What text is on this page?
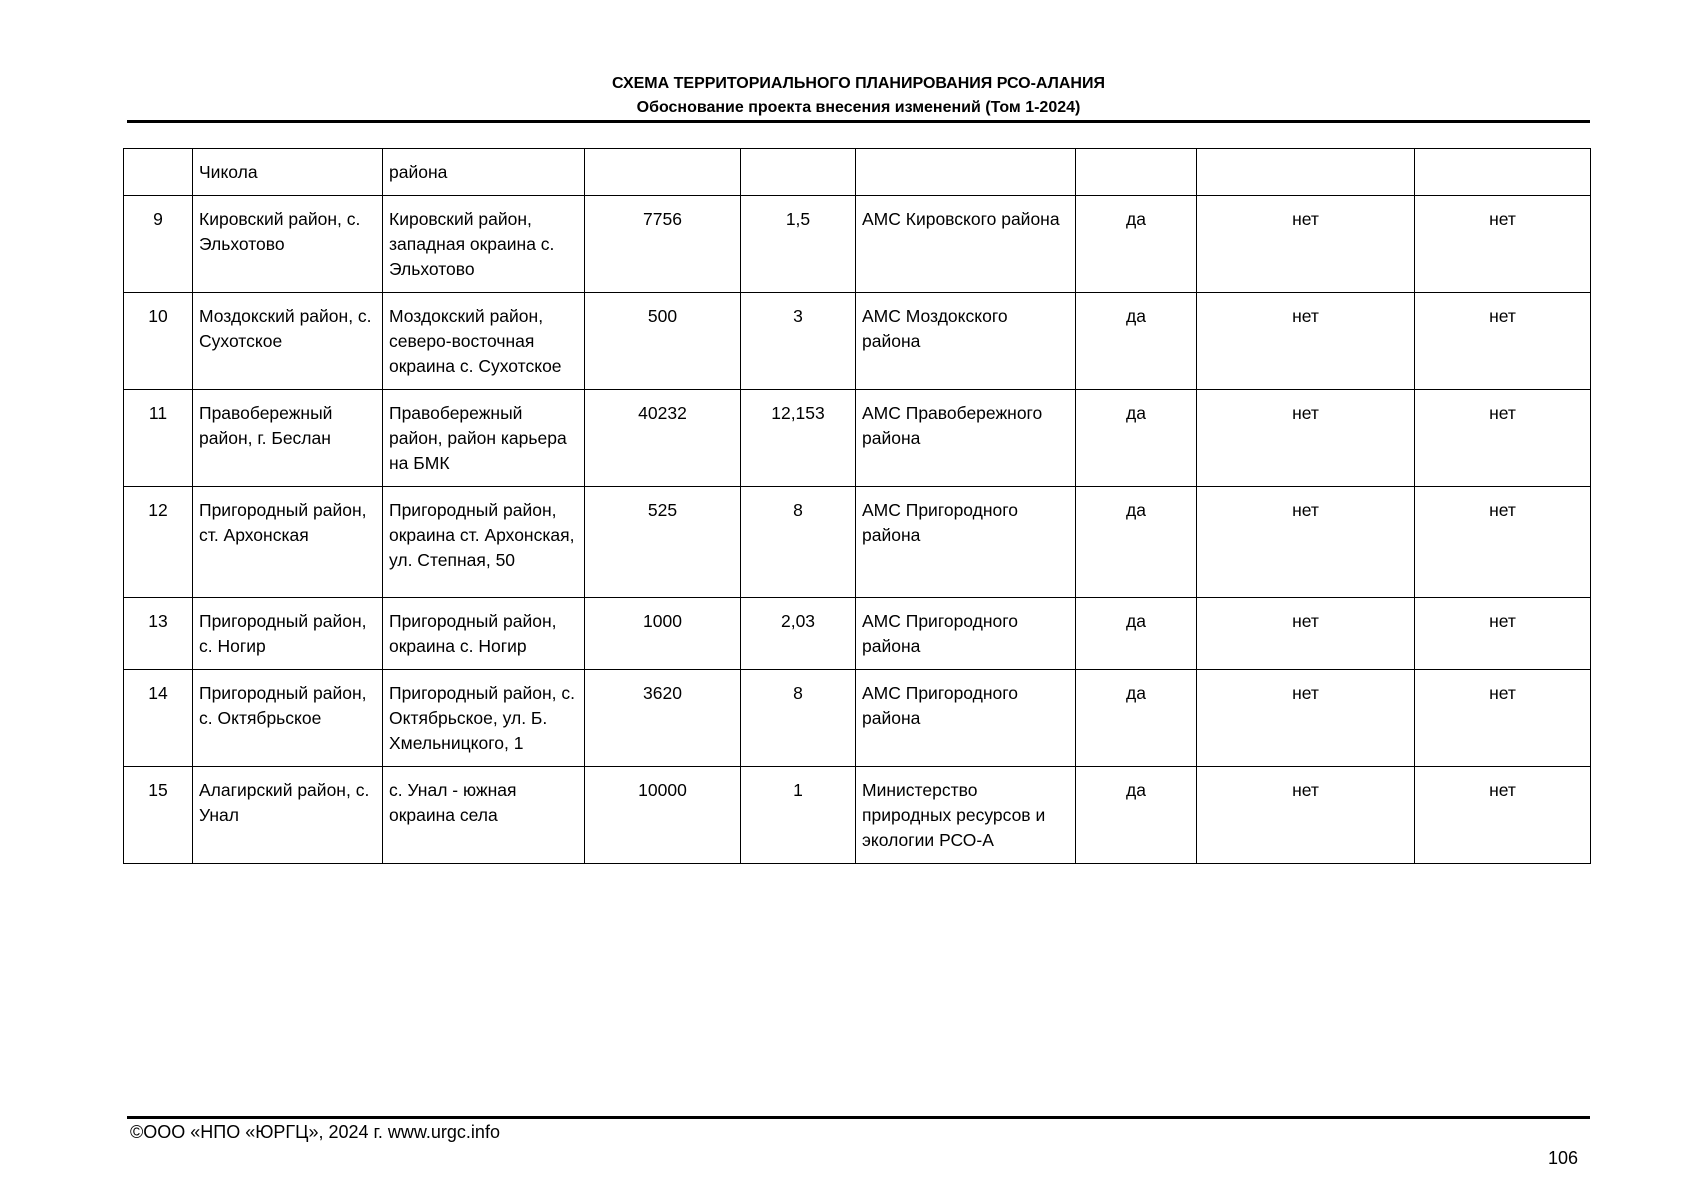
СХЕМА ТЕРРИТОРИАЛЬНОГО ПЛАНИРОВАНИЯ РСО-АЛАНИЯ
Обоснование проекта внесения изменений (Том 1-2024)
	Чикола	района						
9	Кировский район, с. Эльхотово	Кировский район, западная окраина с. Эльхотово	7756	1,5	АМС Кировского района	да	нет	нет
10	Моздокский район, с. Сухотское	Моздокский район, северо-восточная окраина с. Сухотское	500	3	АМС Моздокского района	да	нет	нет
11	Правобережный район, г. Беслан	Правобережный район, район карьера на БМК	40232	12,153	АМС Правобережного района	да	нет	нет
12	Пригородный район, ст. Архонская	Пригородный район, окраина ст. Архонская, ул. Степная, 50	525	8	АМС Пригородного района	да	нет	нет
13	Пригородный район, с. Ногир	Пригородный район, окраина с. Ногир	1000	2,03	АМС Пригородного района	да	нет	нет
14	Пригородный район, с. Октябрьское	Пригородный район, с. Октябрьское, ул. Б. Хмельницкого, 1	3620	8	АМС Пригородного района	да	нет	нет
15	Алагирский район, с. Унал	с. Унал - южная окраина села	10000	1	Министерство природных ресурсов и экологии РСО-А	да	нет	нет
©ООО «НПО «ЮРГЦ», 2024 г. www.urgc.info
106
